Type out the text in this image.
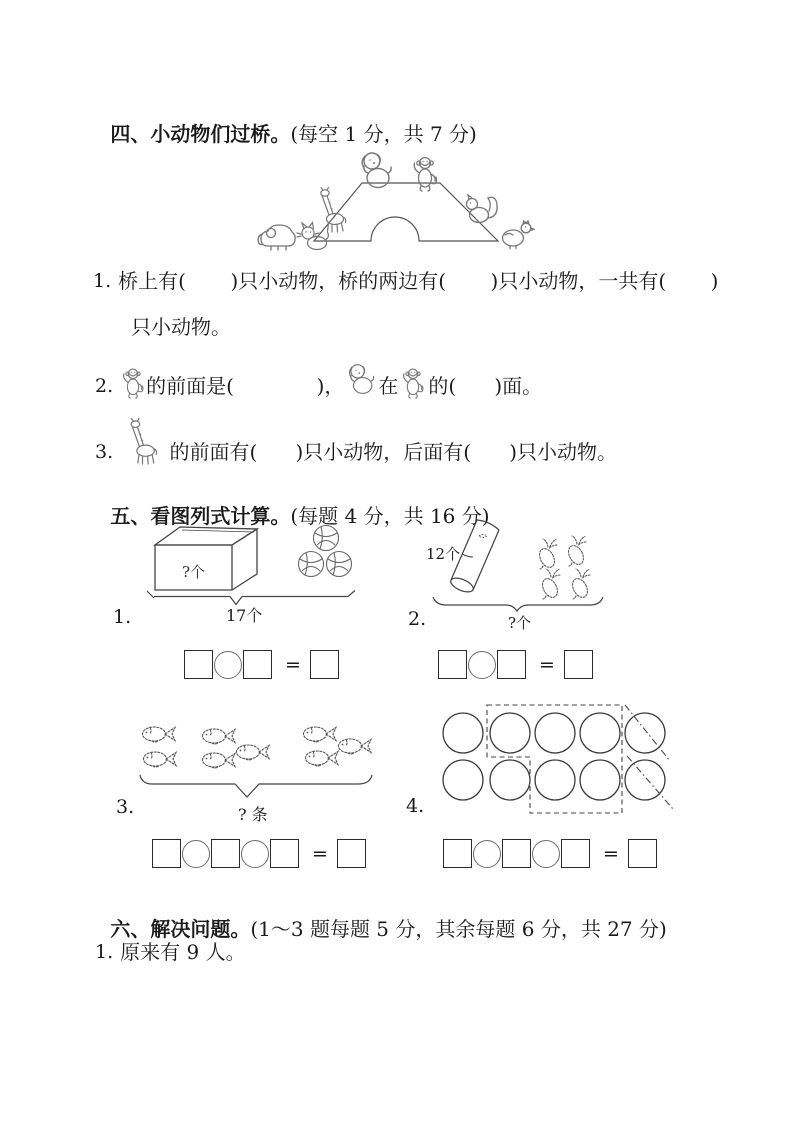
四、小动物们过桥。(每空 1 分，共 7 分)

1. 桥上有(       )只小动物，桥的两边有(       )只小动物，一共有(       )
只小动物。
2. 的前面是(             )， 在 的(      )面。
3.	的前面有(      )只小动物，后面有(      )只小动物。

五、看图列式计算。(每题 4 分，共 16 分)

1.
?个
17个	2.
12个
?个
=	=
3.	? 条	4.
=	=

六、解决问题。(1～3 题每题 5 分，其余每题 6 分，共 27 分)

1. 原来有 9 人。
